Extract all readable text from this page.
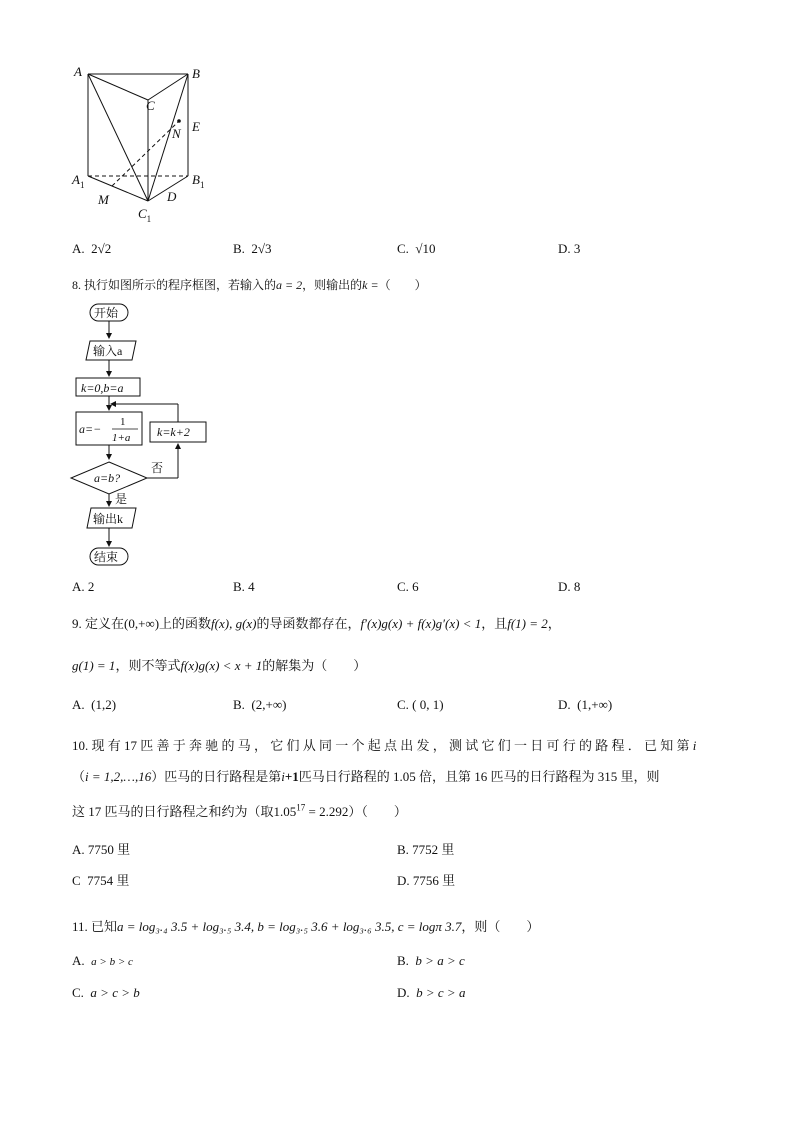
A	B
C
N E
$A_1$	$B_1$
M	D
$C_1$
A. 2√2	B. 2√3	C. √10	D. 3
8. 执行如图所示的程序框图，若输入的a = 2，则输出的k =（　　）
开始
输入a
k=0,b=a
a=− 1
1+a k=k+2
a=b?
否
是
输出k
结束
A. 2	B. 4	C. 6	D. 8
9. 定义在(0,+∞)上的函数f(x), g(x)的导函数都存在，f′(x)g(x) + f(x)g′(x) < 1，且f(1) = 2，
g(1) = 1，则不等式f(x)g(x) < x + 1的解集为（　　）
A. (1,2)	B. (2,+∞)	C. ( 0, 1)	D. (1,+∞)
10. 现 有 17 匹 善 于 奔 驰 的 马 ， 它 们 从 同 一 个 起 点 出 发 ， 测 试 它 们 一 日 可 行 的 路 程 ． 已 知 第 i
（i = 1,2,…,16）匹马的日行路程是第i+1匹马日行路程的 1.05 倍，且第 16 匹马的日行路程为 315 里，则
这 17 匹马的日行路程之和约为（取$1.05^{17} = 2.292$）（　　）
A. 7750 里	B. 7752 里
C 7754 里	D. 7756 里
11. 已知a = log₃.₄ 3.5 + log₃.₅ 3.4, b = log₃.₅ 3.6 + log₃.₆ 3.5, c = logπ 3.7，则（　　）
A. a > b > c	B. b > a > c
C. a > c > b	D. b > c > a
